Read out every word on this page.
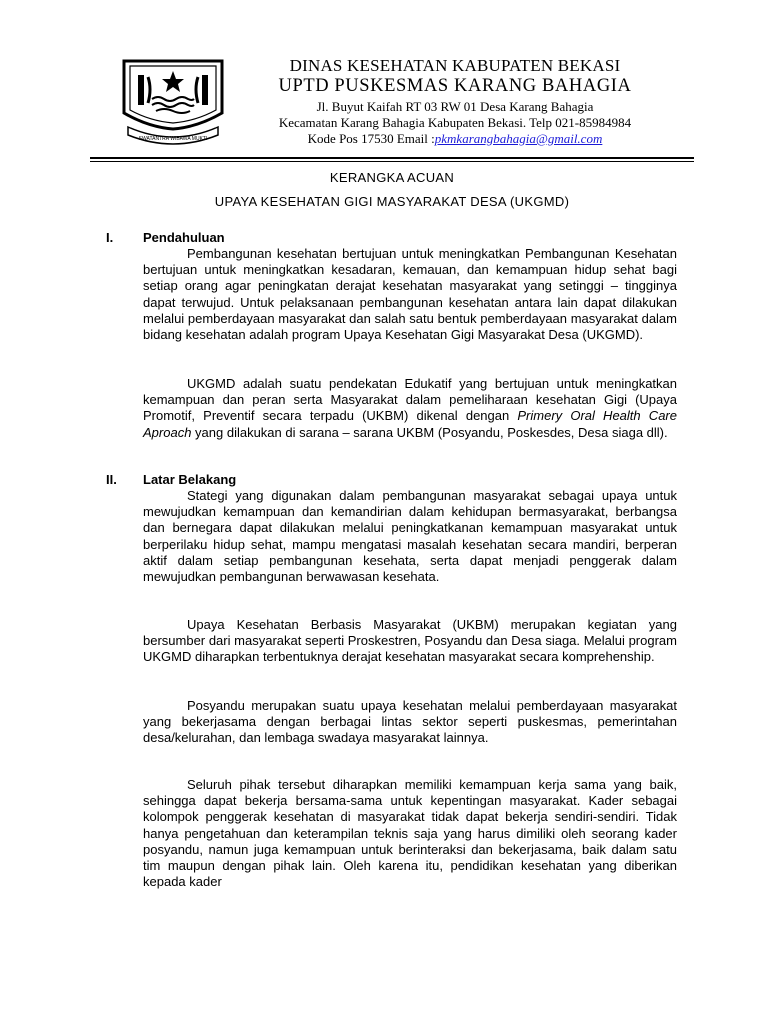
SWATANTRA WIBAWA MUKTI
DINAS KESEHATAN KABUPATEN BEKASI
UPTD PUSKESMAS KARANG BAHAGIA
Jl. Buyut Kaifah RT 03 RW 01 Desa Karang Bahagia
Kecamatan Karang Bahagia Kabupaten Bekasi. Telp 021-85984984
Kode Pos 17530 Email :pkmkarangbahagia@gmail.com
KERANGKA ACUAN
UPAYA KESEHATAN GIGI MASYARAKAT DESA (UKGMD)
I. Pendahuluan

Pembangunan kesehatan bertujuan untuk meningkatkan Pembangunan Kesehatan bertujuan untuk meningkatkan kesadaran, kemauan, dan kemampuan hidup sehat bagi setiap orang agar peningkatan derajat kesehatan masyarakat yang setinggi – tingginya dapat terwujud. Untuk pelaksanaan pembangunan kesehatan antara lain dapat dilakukan melalui pemberdayaan masyarakat dan salah satu bentuk pemberdayaan masyarakat dalam bidang kesehatan adalah program Upaya Kesehatan Gigi Masyarakat Desa (UKGMD).

UKGMD adalah suatu pendekatan Edukatif yang bertujuan untuk meningkatkan kemampuan dan peran serta Masyarakat dalam pemeliharaan kesehatan Gigi (Upaya Promotif, Preventif secara terpadu (UKBM) dikenal dengan Primery Oral Health Care Aproach yang dilakukan di sarana – sarana UKBM (Posyandu, Poskesdes, Desa siaga dll).

II. Latar Belakang

Stategi yang digunakan dalam pembangunan masyarakat sebagai upaya untuk mewujudkan kemampuan dan kemandirian dalam kehidupan bermasyarakat, berbangsa dan bernegara dapat dilakukan melalui peningkatkanan kemampuan masyarakat untuk berperilaku hidup sehat, mampu mengatasi masalah kesehatan secara mandiri, berperan aktif dalam setiap pembangunan kesehata, serta dapat menjadi penggerak dalam mewujudkan pembangunan berwawasan kesehata.

Upaya Kesehatan Berbasis Masyarakat (UKBM) merupakan kegiatan yang bersumber dari masyarakat seperti Proskestren, Posyandu dan Desa siaga. Melalui program UKGMD diharapkan terbentuknya derajat kesehatan masyarakat secara komprehenship.

Posyandu merupakan suatu upaya kesehatan melalui pemberdayaan masyarakat yang bekerjasama dengan berbagai lintas sektor seperti puskesmas, pemerintahan desa/kelurahan, dan lembaga swadaya masyarakat lainnya.

Seluruh pihak tersebut diharapkan memiliki kemampuan kerja sama yang baik, sehingga dapat bekerja bersama-sama untuk kepentingan masyarakat. Kader sebagai kolompok penggerak kesehatan di masyarakat tidak dapat bekerja sendiri-sendiri. Tidak hanya pengetahuan dan keterampilan teknis saja yang harus dimiliki oleh seorang kader posyandu, namun juga kemampuan untuk berinteraksi dan bekerjasama, baik dalam satu tim maupun dengan pihak lain. Oleh karena itu, pendidikan kesehatan yang diberikan kepada kader
